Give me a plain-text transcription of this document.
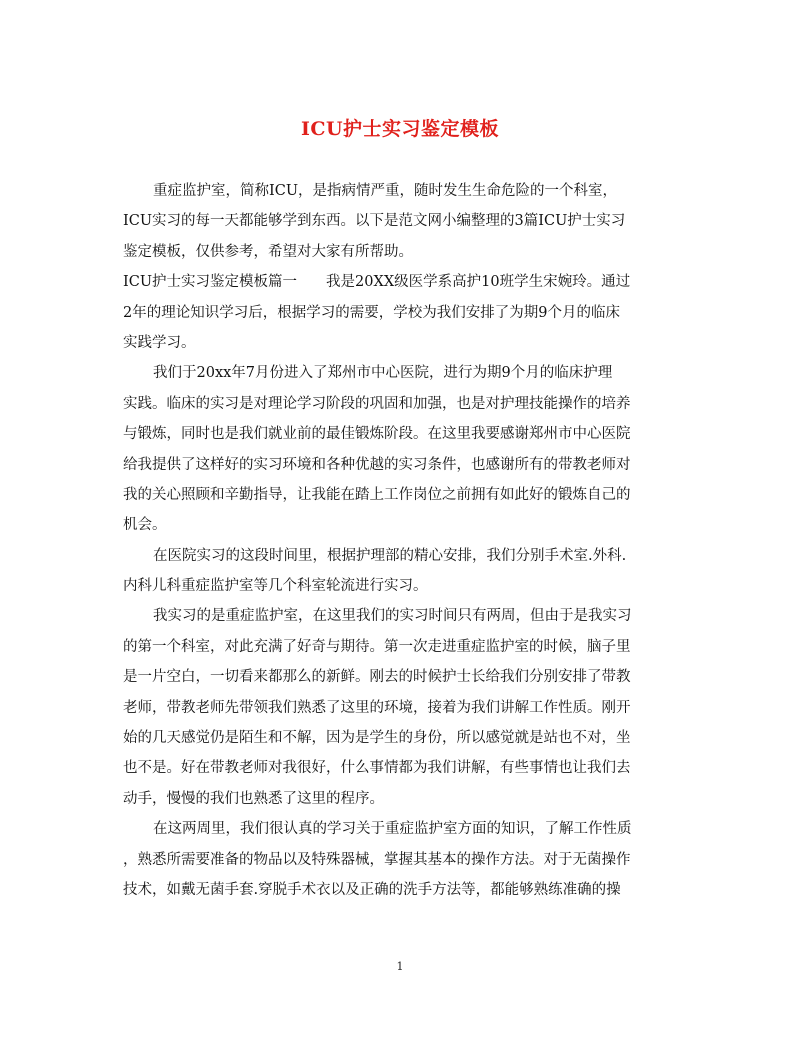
ICU护士实习鉴定模板
重症监护室，简称ICU，是指病情严重，随时发生生命危险的一个科室，
ICU实习的每一天都能够学到东西。以下是范文网小编整理的3篇ICU护士实习
鉴定模板，仅供参考，希望对大家有所帮助。
ICU护士实习鉴定模板篇一　　我是20XX级医学系高护10班学生宋婉玲。通过
2年的理论知识学习后，根据学习的需要，学校为我们安排了为期9个月的临床
实践学习。
我们于20xx年7月份进入了郑州市中心医院，进行为期9个月的临床护理
实践。临床的实习是对理论学习阶段的巩固和加强，也是对护理技能操作的培养
与锻炼，同时也是我们就业前的最佳锻炼阶段。在这里我要感谢郑州市中心医院
给我提供了这样好的实习环境和各种优越的实习条件，也感谢所有的带教老师对
我的关心照顾和辛勤指导，让我能在踏上工作岗位之前拥有如此好的锻炼自己的
机会。
在医院实习的这段时间里，根据护理部的精心安排，我们分别手术室.外科.
内科儿科重症监护室等几个科室轮流进行实习。
我实习的是重症监护室，在这里我们的实习时间只有两周，但由于是我实习
的第一个科室，对此充满了好奇与期待。第一次走进重症监护室的时候，脑子里
是一片空白，一切看来都那么的新鲜。刚去的时候护士长给我们分别安排了带教
老师，带教老师先带领我们熟悉了这里的环境，接着为我们讲解工作性质。刚开
始的几天感觉仍是陌生和不解，因为是学生的身份，所以感觉就是站也不对，坐
也不是。好在带教老师对我很好，什么事情都为我们讲解，有些事情也让我们去
动手，慢慢的我们也熟悉了这里的程序。
在这两周里，我们很认真的学习关于重症监护室方面的知识，了解工作性质
，熟悉所需要准备的物品以及特殊器械，掌握其基本的操作方法。对于无菌操作
技术，如戴无菌手套.穿脱手术衣以及正确的洗手方法等，都能够熟练准确的操
1
